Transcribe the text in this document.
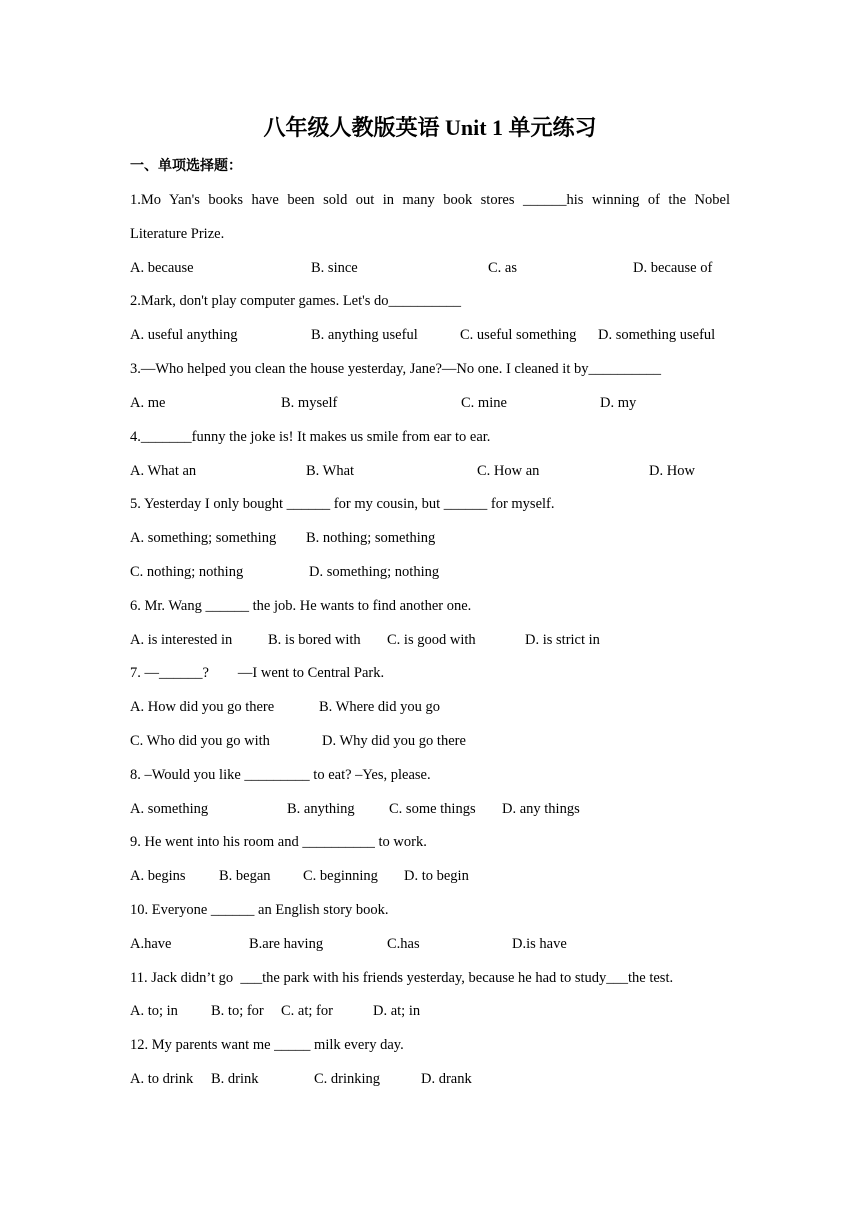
八年级人教版英语 Unit 1 单元练习
一、单项选择题：
1.Mo Yan's books have been sold out in many book stores ______his winning of the Nobel
Literature Prize.
A. because	B. since	C. as	D. because of
2.Mark, don't play computer games. Let's do__________
A. useful anything	B. anything useful	C. useful something D. something useful
3.—Who helped you clean the house yesterday, Jane?—No one. I cleaned it by__________
A. me	B. myself	C. mine	D. my
4._______funny the joke is! It makes us smile from ear to ear.
A. What an	B. What	C. How an	D. How
5. Yesterday I only bought ______ for my cousin, but ______ for myself.
A. something; something B. nothing; something
C. nothing; nothing	D. something; nothing
6. Mr. Wang ______ the job. He wants to find another one.
A. is interested in B. is bored with C. is good with	D. is strict in
7. —______?        —I went to Central Park.
A. How did you go there	B. Where did you go
C. Who did you go with	D. Why did you go there
8. –Would you like _________ to eat? –Yes, please.
A. something	B. anything C. some things D. any things
9. He went into his room and __________ to work.
A. begins B. began C. beginning D. to begin
10. Everyone ______ an English story book.
A.have	B.are having	C.has	D.is have
11. Jack didn’t go  ___the park with his friends yesterday, because he had to study___the test.
A. to; in B. to; for C. at; for	D. at; in
12. My parents want me _____ milk every day.
A. to drink B. drink	C. drinking	D. drank
